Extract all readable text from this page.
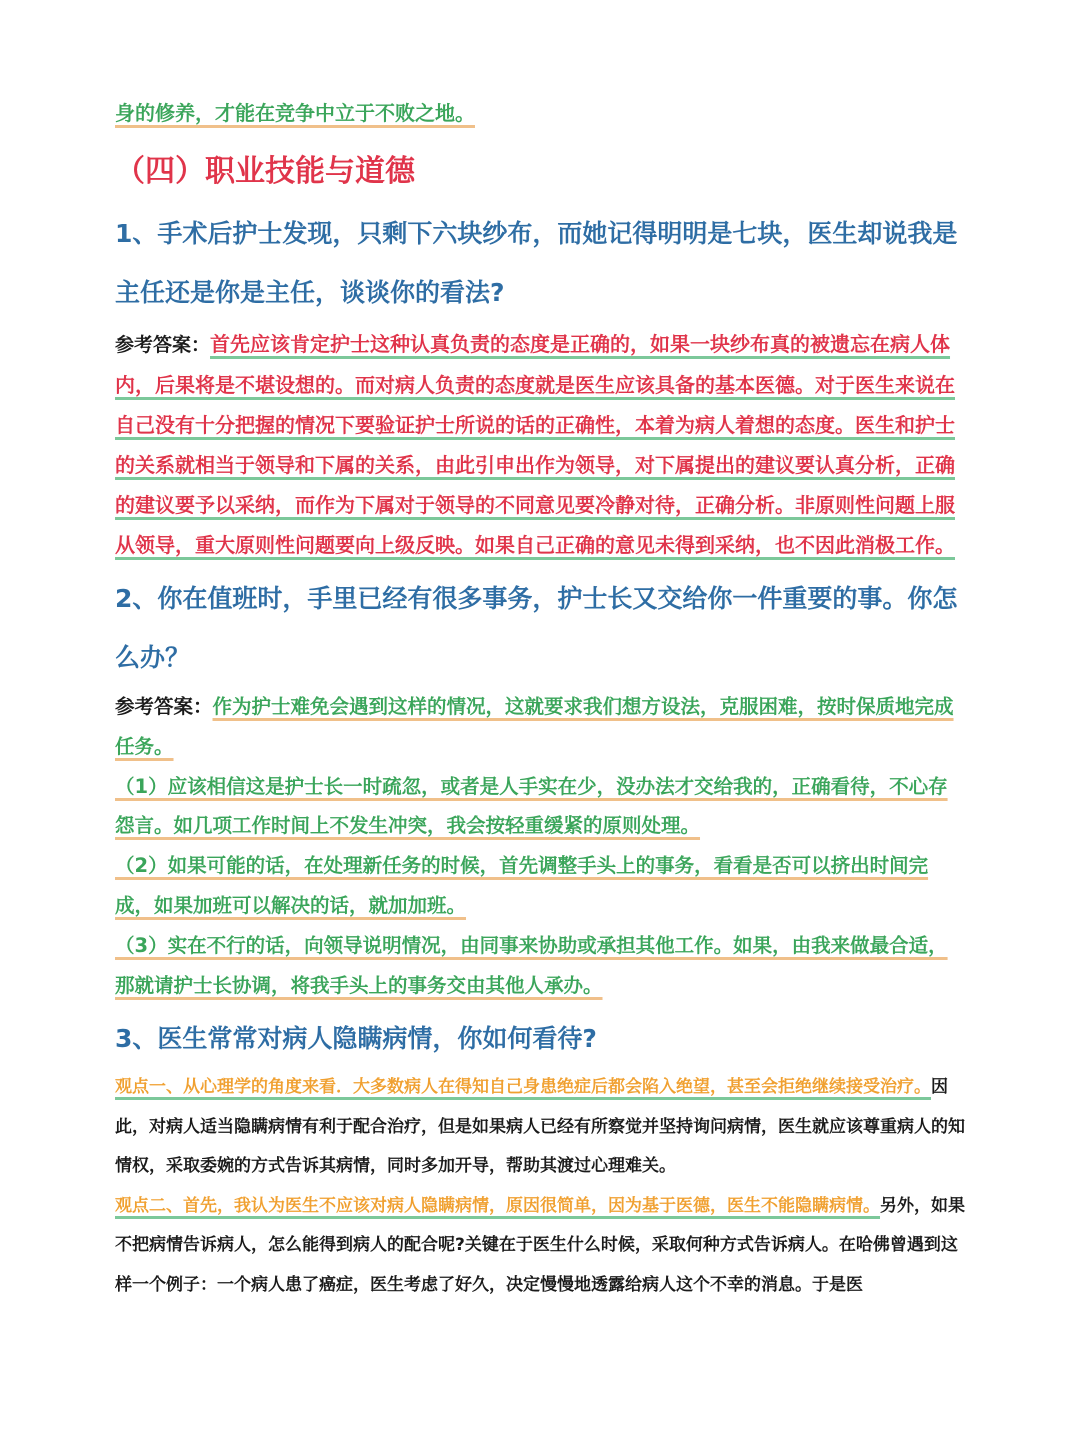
身的修养，才能在竞争中立于不败之地。

（四）职业技能与道德

1、手术后护士发现，只剩下六块纱布，而她记得明明是七块，医生却说我是主任还是你是主任，谈谈你的看法?

参考答案：首先应该肯定护士这种认真负责的态度是正确的，如果一块纱布真的被遗忘在病人体内，后果将是不堪设想的。而对病人负责的态度就是医生应该具备的基本医德。对于医生来说在自己没有十分把握的情况下要验证护士所说的话的正确性，本着为病人着想的态度。医生和护士的关系就相当于领导和下属的关系，由此引申出作为领导，对下属提出的建议要认真分析，正确的建议要予以采纳，而作为下属对于领导的不同意见要冷静对待，正确分析。非原则性问题上服从领导，重大原则性问题要向上级反映。如果自己正确的意见未得到采纳，也不因此消极工作。

2、你在值班时，手里已经有很多事务，护士长又交给你一件重要的事。你怎么办？

参考答案：作为护士难免会遇到这样的情况，这就要求我们想方设法，克服困难，按时保质地完成任务。

（1）应该相信这是护士长一时疏忽，或者是人手实在少，没办法才交给我的，正确看待，不心存怨言。如几项工作时间上不发生冲突，我会按轻重缓紧的原则处理。

（2）如果可能的话，在处理新任务的时候，首先调整手头上的事务，看看是否可以挤出时间完成，如果加班可以解决的话，就加加班。

（3）实在不行的话，向领导说明情况，由同事来协助或承担其他工作。如果，由我来做最合适，那就请护士长协调，将我手头上的事务交由其他人承办。

3、医生常常对病人隐瞒病情，你如何看待?

观点一、从心理学的角度来看．大多数病人在得知自己身患绝症后都会陷入绝望，甚至会拒绝继续接受治疗。因此，对病人适当隐瞒病情有利于配合治疗，但是如果病人已经有所察觉并坚持询问病情，医生就应该尊重病人的知情权，采取委婉的方式告诉其病情，同时多加开导，帮助其渡过心理难关。

观点二、首先，我认为医生不应该对病人隐瞒病情，原因很简单，因为基于医德，医生不能隐瞒病情。另外，如果不把病情告诉病人，怎么能得到病人的配合呢?关键在于医生什么时候，采取何种方式告诉病人。在哈佛曾遇到这样一个例子：一个病人患了癌症，医生考虑了好久，决定慢慢地透露给病人这个不幸的消息。于是医
